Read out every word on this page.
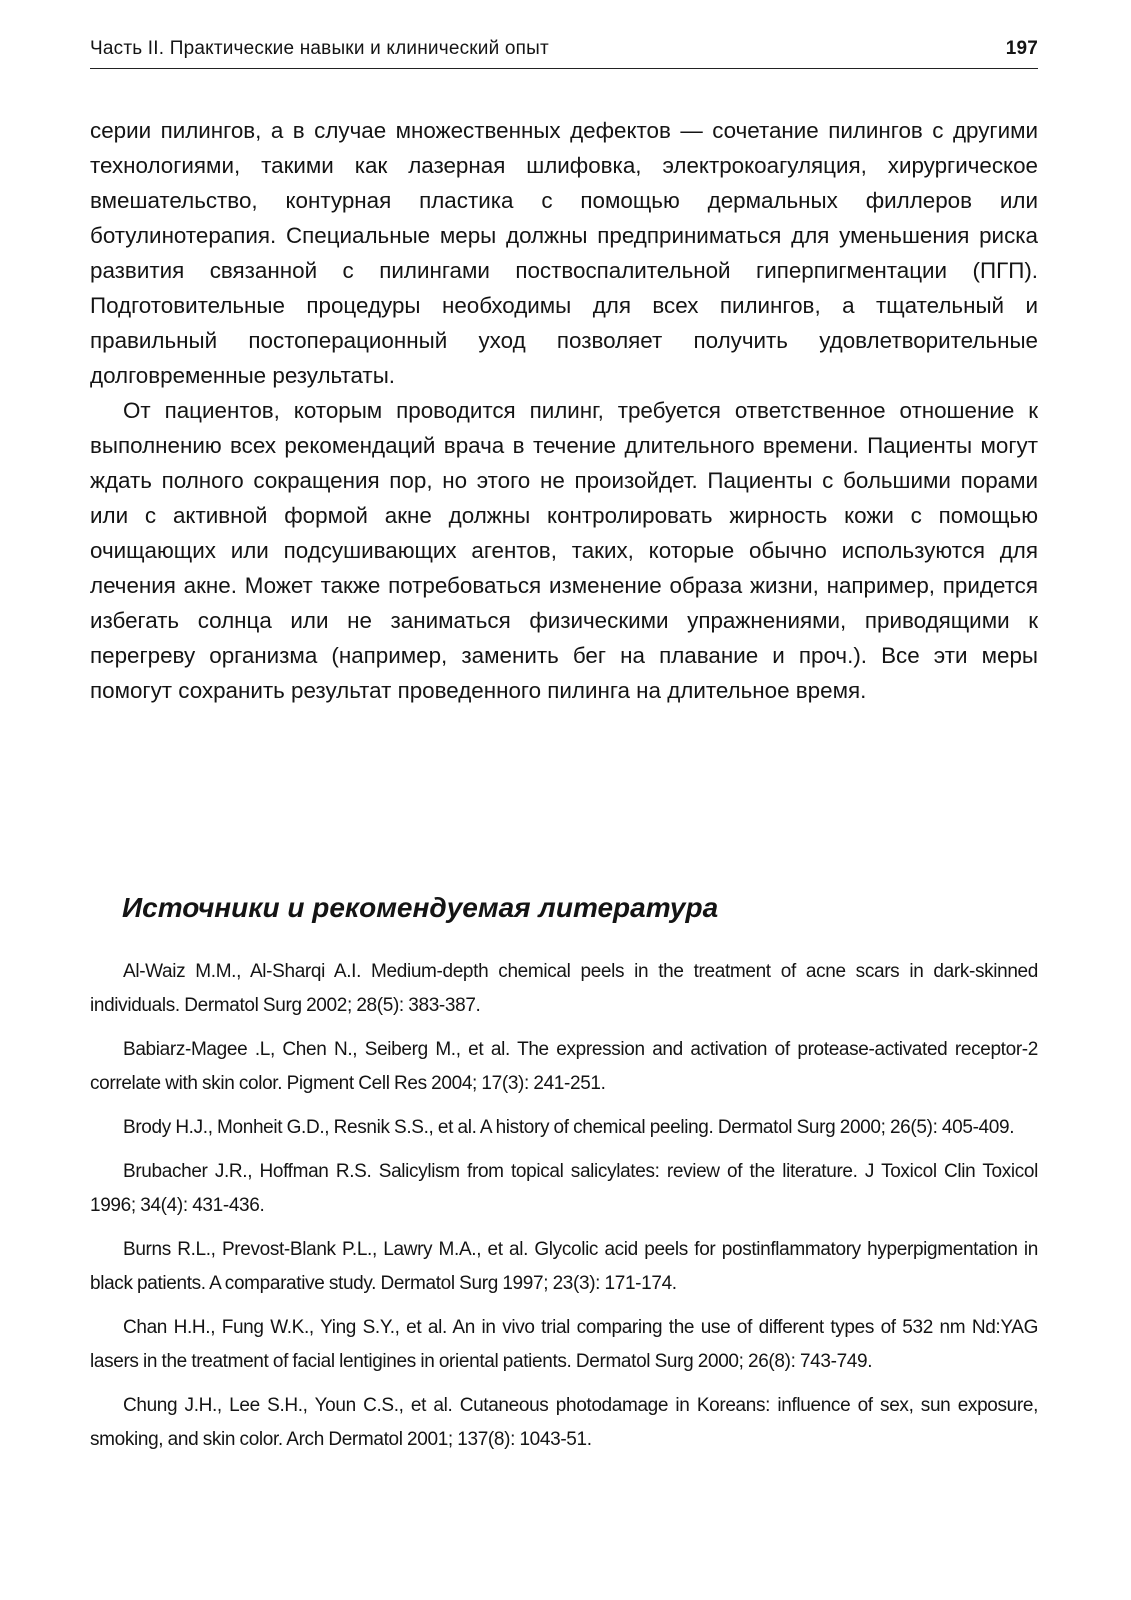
Часть II. Практические навыки и клинический опыт	197

серии пилингов, а в случае множественных дефектов — сочетание пилингов с другими технологиями, такими как лазерная шлифовка, электрокоагуляция, хирургическое вмешательство, контурная пластика с помощью дермальных филлеров или ботулинотерапия. Специальные меры должны предприниматься для уменьшения риска развития связанной с пилингами поствоспалительной гиперпигментации (ПГП). Подготовительные процедуры необходимы для всех пилингов, а тщательный и правильный постоперационный уход позволяет получить удовлетворительные долговременные результаты.

От пациентов, которым проводится пилинг, требуется ответственное отношение к выполнению всех рекомендаций врача в течение длительного времени. Пациенты могут ждать полного сокращения пор, но этого не произойдет. Пациенты с большими порами или с активной формой акне должны контролировать жирность кожи с помощью очищающих или подсушивающих агентов, таких, которые обычно используются для лечения акне. Может также потребоваться изменение образа жизни, например, придется избегать солнца или не заниматься физическими упражнениями, приводящими к перегреву организма (например, заменить бег на плавание и проч.). Все эти меры помогут сохранить результат проведенного пилинга на длительное время.

Источники и рекомендуемая литература

Al-Waiz M.M., Al-Sharqi A.I. Medium-depth chemical peels in the treatment of acne scars in dark-skinned individuals. Dermatol Surg 2002; 28(5): 383-387.

Babiarz-Magee .L, Chen N., Seiberg M., et al. The expression and activation of protease-activated receptor-2 correlate with skin color. Pigment Cell Res 2004; 17(3): 241-251.

Brody H.J., Monheit G.D., Resnik S.S., et al. A history of chemical peeling. Dermatol Surg 2000; 26(5): 405-409.

Brubacher J.R., Hoffman R.S. Salicylism from topical salicylates: review of the literature. J Toxicol Clin Toxicol 1996; 34(4): 431-436.

Burns R.L., Prevost-Blank P.L., Lawry M.A., et al. Glycolic acid peels for postinflammatory hyperpigmentation in black patients. A comparative study. Dermatol Surg 1997; 23(3): 171-174.

Chan H.H., Fung W.K., Ying S.Y., et al. An in vivo trial comparing the use of different types of 532 nm Nd:YAG lasers in the treatment of facial lentigines in oriental patients. Dermatol Surg 2000; 26(8): 743-749.

Chung J.H., Lee S.H., Youn C.S., et al. Cutaneous photodamage in Koreans: influence of sex, sun exposure, smoking, and skin color. Arch Dermatol 2001; 137(8): 1043-51.
